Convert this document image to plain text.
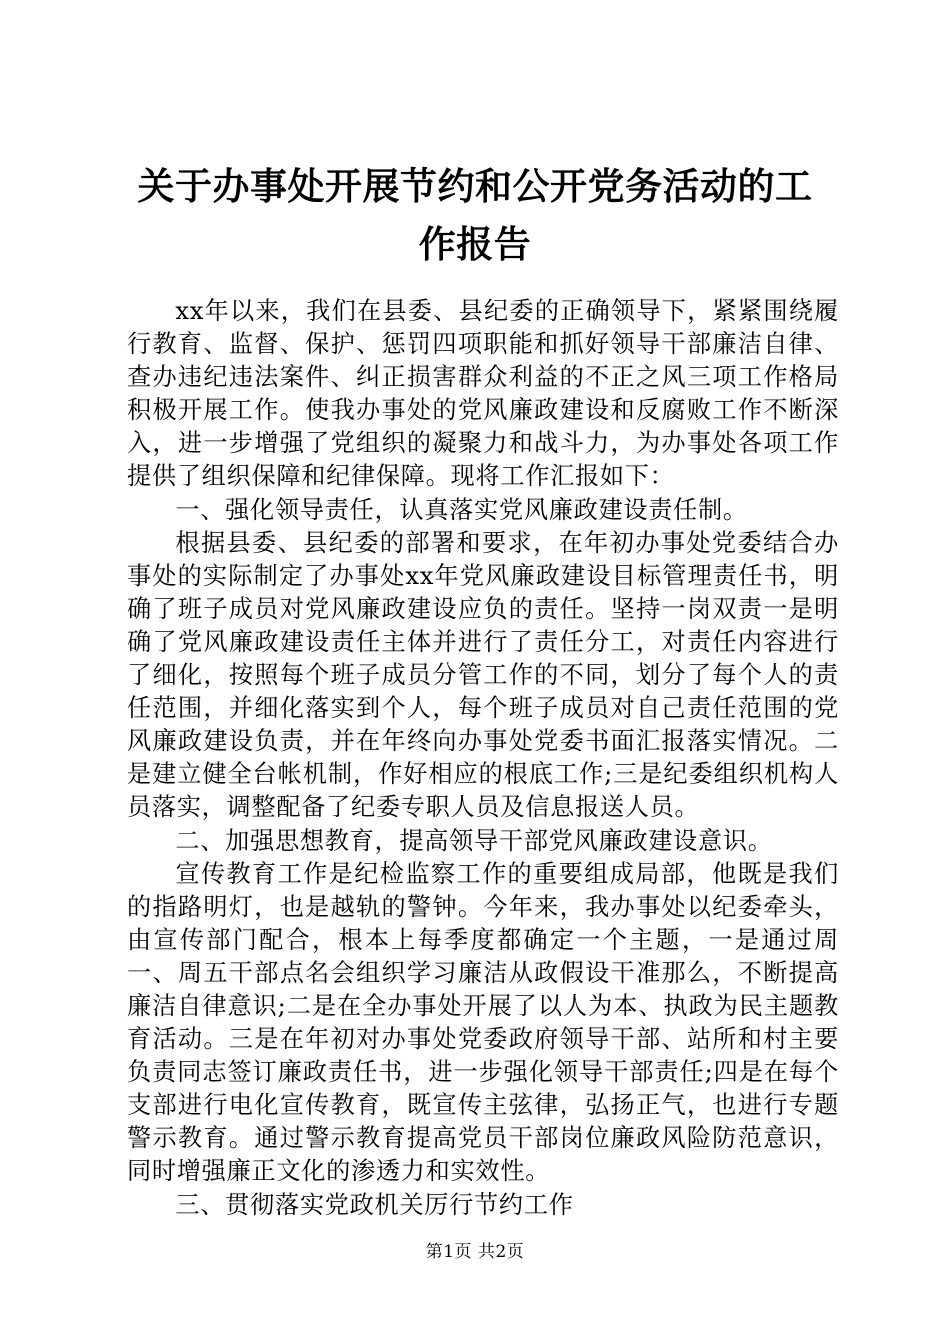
关于办事处开展节约和公开党务活动的工作报告

xx年以来，我们在县委、县纪委的正确领导下，紧紧围绕履行教育、监督、保护、惩罚四项职能和抓好领导干部廉洁自律、查办违纪违法案件、纠正损害群众利益的不正之风三项工作格局积极开展工作。使我办事处的党风廉政建设和反腐败工作不断深入，进一步增强了党组织的凝聚力和战斗力，为办事处各项工作提供了组织保障和纪律保障。现将工作汇报如下：

一、强化领导责任，认真落实党风廉政建设责任制。

根据县委、县纪委的部署和要求，在年初办事处党委结合办事处的实际制定了办事处xx年党风廉政建设目标管理责任书，明确了班子成员对党风廉政建设应负的责任。坚持一岗双责一是明确了党风廉政建设责任主体并进行了责任分工，对责任内容进行了细化，按照每个班子成员分管工作的不同，划分了每个人的责任范围，并细化落实到个人，每个班子成员对自己责任范围的党风廉政建设负责，并在年终向办事处党委书面汇报落实情况。二是建立健全台帐机制，作好相应的根底工作;三是纪委组织机构人员落实，调整配备了纪委专职人员及信息报送人员。

二、加强思想教育，提高领导干部党风廉政建设意识。

宣传教育工作是纪检监察工作的重要组成局部，他既是我们的指路明灯，也是越轨的警钟。今年来，我办事处以纪委牵头，由宣传部门配合，根本上每季度都确定一个主题，一是通过周一、周五干部点名会组织学习廉洁从政假设干准那么，不断提高廉洁自律意识;二是在全办事处开展了以人为本、执政为民主题教育活动。三是在年初对办事处党委政府领导干部、站所和村主要负责同志签订廉政责任书，进一步强化领导干部责任;四是在每个支部进行电化宣传教育，既宣传主弦律，弘扬正气，也进行专题警示教育。通过警示教育提高党员干部岗位廉政风险防范意识，同时增强廉正文化的渗透力和实效性。

三、贯彻落实党政机关厉行节约工作

第1页 共2页
